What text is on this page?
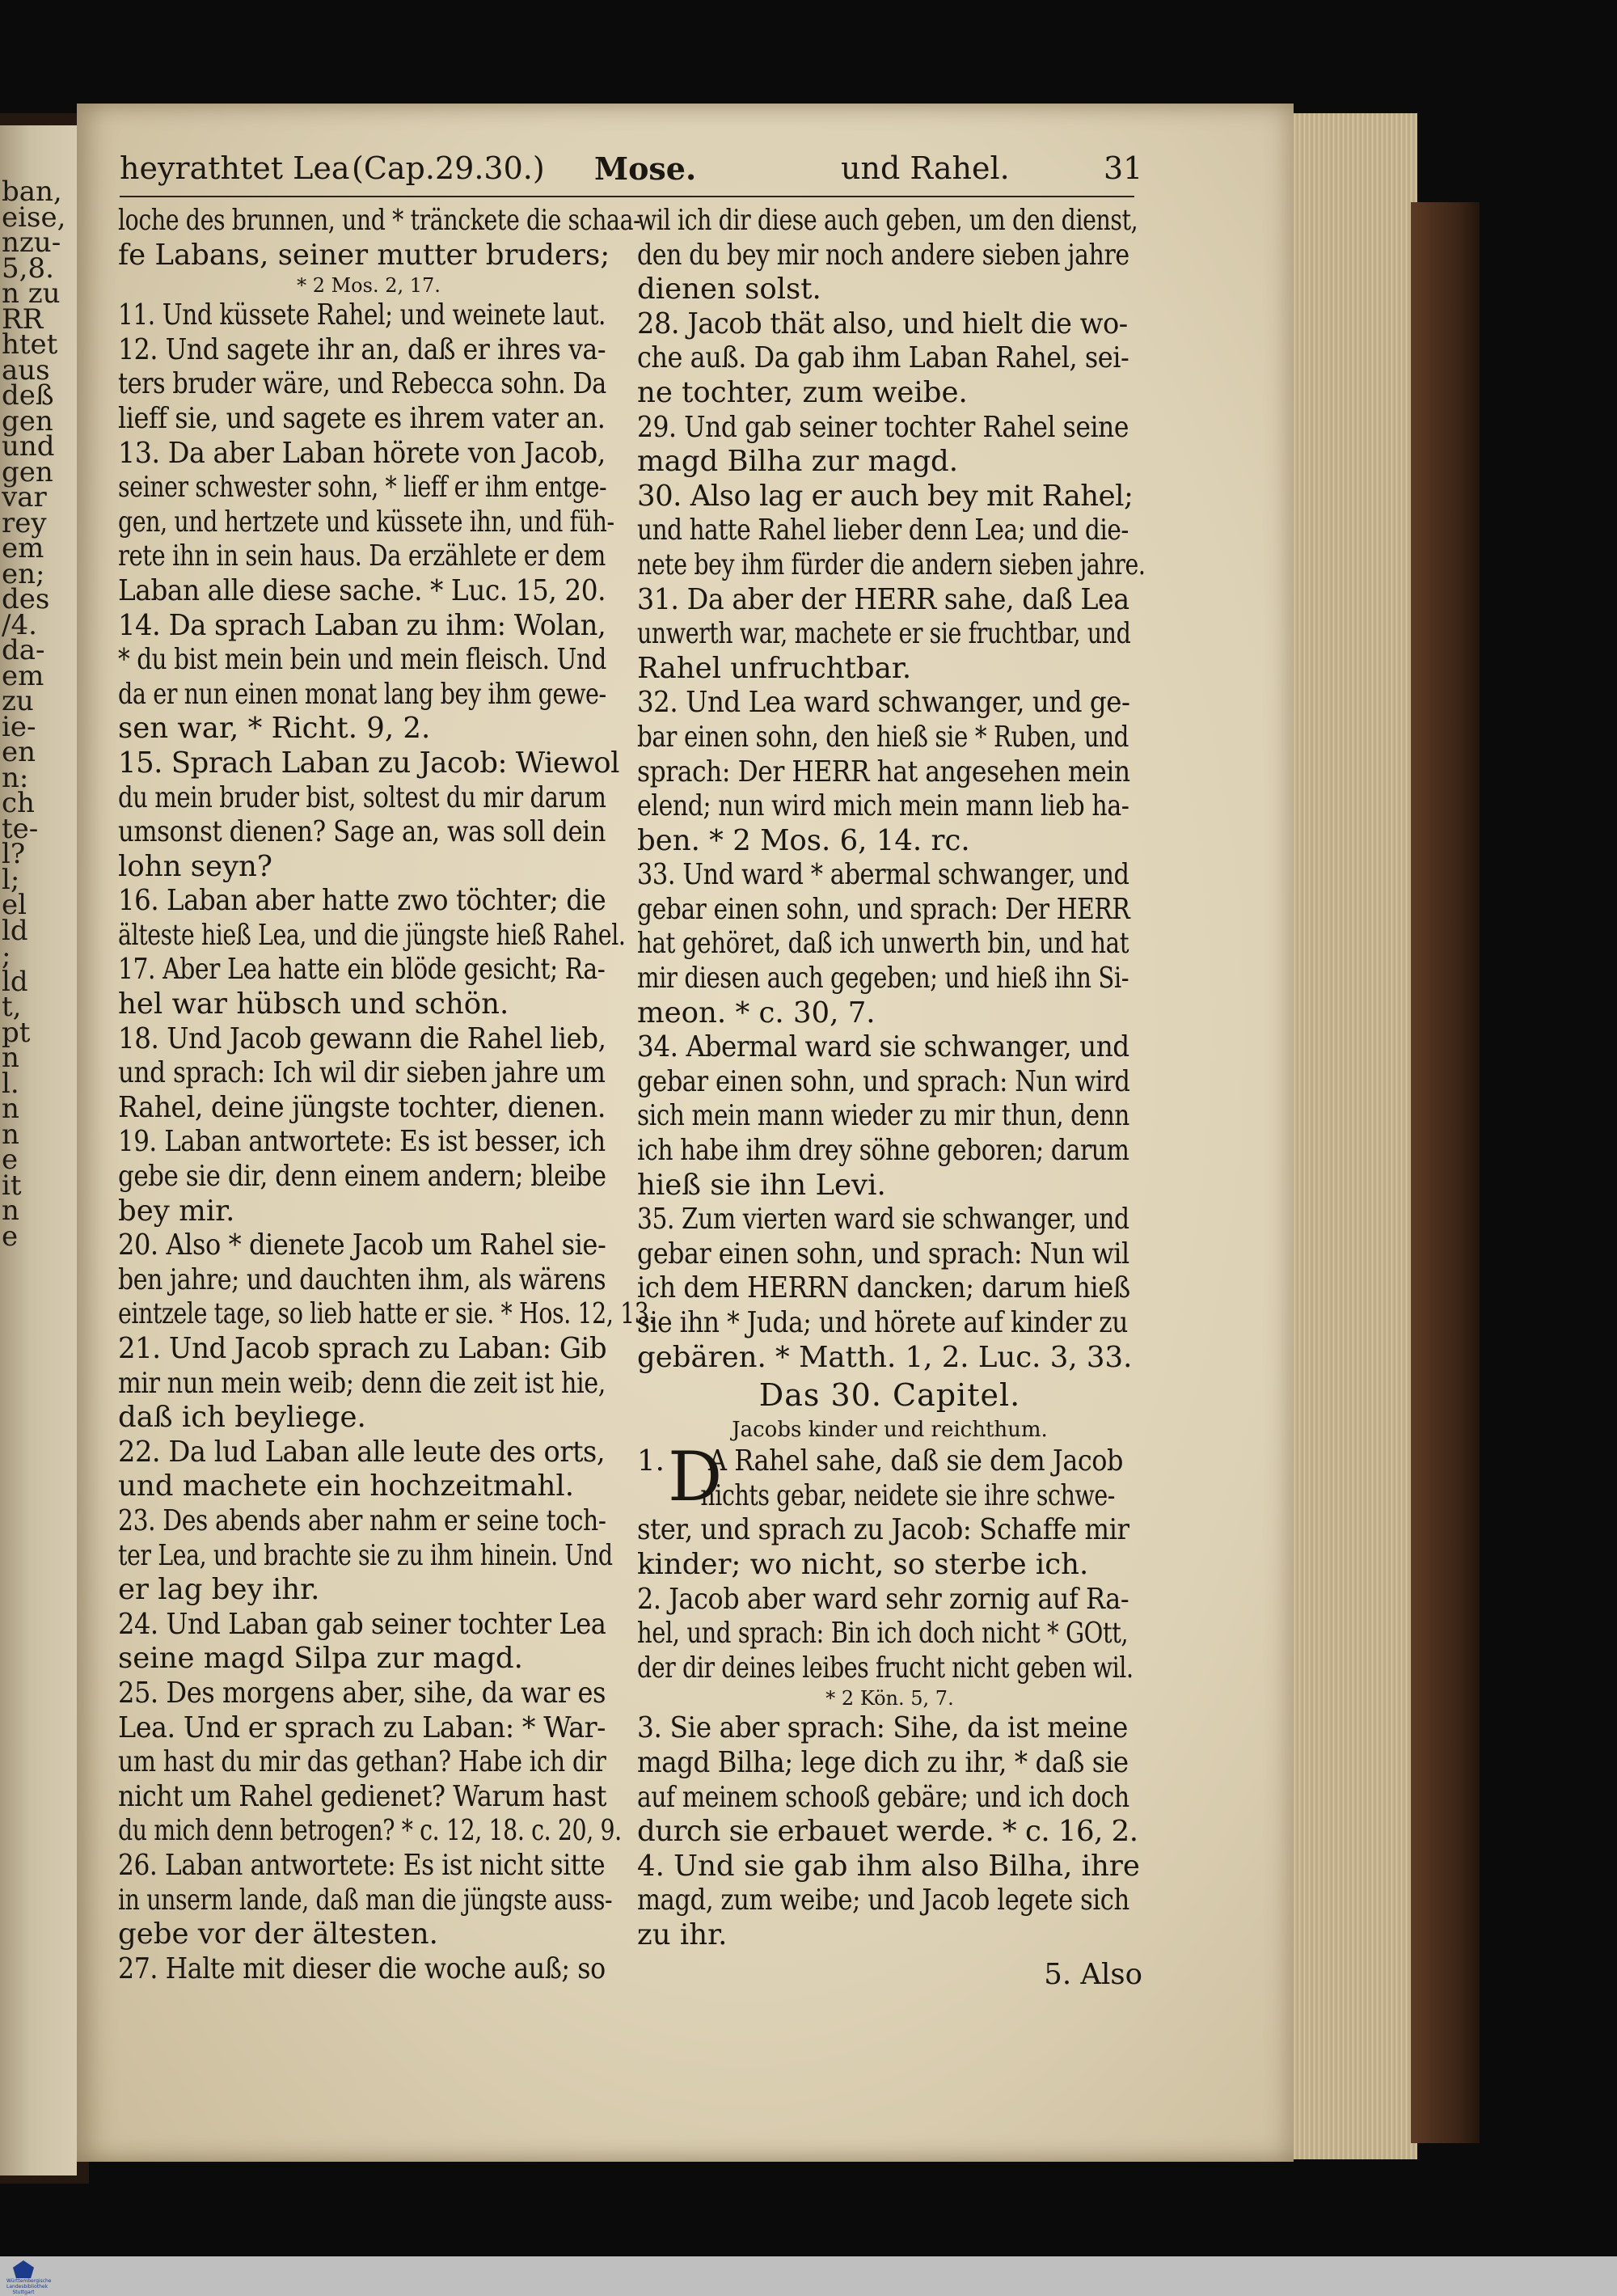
ban,
eise,
nzu-
5,8.
n zu
RR
htet
aus
deß
gen
und
gen
var
rey
em
en;
des
/4.
da-
em
zu
ie-
en
n:
ch
te-
l?
l;
el
ld
;
ld
t,
pt
n
l.
n
n
e
it
n
e
heyrathtet Lea (Cap.29.30.) Mose.	und Rahel.	31
loche des brunnen, und * tränckete die schaa-
fe Labans, seiner mutter bruders;
* 2 Mos. 2, 17.
11. Und küssete Rahel; und weinete laut.
12. Und sagete ihr an, daß er ihres va-
ters bruder wäre, und Rebecca sohn. Da
lieff sie, und sagete es ihrem vater an.
13. Da aber Laban hörete von Jacob,
seiner schwester sohn, * lieff er ihm entge-
gen, und hertzete und küssete ihn, und füh-
rete ihn in sein haus. Da erzählete er dem
Laban alle diese sache. * Luc. 15, 20.
14. Da sprach Laban zu ihm: Wolan,
* du bist mein bein und mein fleisch. Und
da er nun einen monat lang bey ihm gewe-
sen war, * Richt. 9, 2.
15. Sprach Laban zu Jacob: Wiewol
du mein bruder bist, soltest du mir darum
umsonst dienen? Sage an, was soll dein
lohn seyn?
16. Laban aber hatte zwo töchter; die
älteste hieß Lea, und die jüngste hieß Rahel.
17. Aber Lea hatte ein blöde gesicht; Ra-
hel war hübsch und schön.
18. Und Jacob gewann die Rahel lieb,
und sprach: Ich wil dir sieben jahre um
Rahel, deine jüngste tochter, dienen.
19. Laban antwortete: Es ist besser, ich
gebe sie dir, denn einem andern; bleibe
bey mir.
20. Also * dienete Jacob um Rahel sie-
ben jahre; und dauchten ihm, als wärens
eintzele tage, so lieb hatte er sie. * Hos. 12, 13.
21. Und Jacob sprach zu Laban: Gib
mir nun mein weib; denn die zeit ist hie,
daß ich beyliege.
22. Da lud Laban alle leute des orts,
und machete ein hochzeitmahl.
23. Des abends aber nahm er seine toch-
ter Lea, und brachte sie zu ihm hinein. Und
er lag bey ihr.
24. Und Laban gab seiner tochter Lea
seine magd Silpa zur magd.
25. Des morgens aber, sihe, da war es
Lea. Und er sprach zu Laban: * War-
um hast du mir das gethan? Habe ich dir
nicht um Rahel gedienet? Warum hast
du mich denn betrogen? * c. 12, 18. c. 20, 9.
26. Laban antwortete: Es ist nicht sitte
in unserm lande, daß man die jüngste auss-
gebe vor der ältesten.
27. Halte mit dieser die woche auß; so
wil ich dir diese auch geben, um den dienst,
den du bey mir noch andere sieben jahre
dienen solst.
28. Jacob thät also, und hielt die wo-
che auß. Da gab ihm Laban Rahel, sei-
ne tochter, zum weibe.
29. Und gab seiner tochter Rahel seine
magd Bilha zur magd.
30. Also lag er auch bey mit Rahel;
und hatte Rahel lieber denn Lea; und die-
nete bey ihm fürder die andern sieben jahre.
31. Da aber der HERR sahe, daß Lea
unwerth war, machete er sie fruchtbar, und
Rahel unfruchtbar.
32. Und Lea ward schwanger, und ge-
bar einen sohn, den hieß sie * Ruben, und
sprach: Der HERR hat angesehen mein
elend; nun wird mich mein mann lieb ha-
ben. * 2 Mos. 6, 14. rc.
33. Und ward * abermal schwanger, und
gebar einen sohn, und sprach: Der HERR
hat gehöret, daß ich unwerth bin, und hat
mir diesen auch gegeben; und hieß ihn Si-
meon. * c. 30, 7.
34. Abermal ward sie schwanger, und
gebar einen sohn, und sprach: Nun wird
sich mein mann wieder zu mir thun, denn
ich habe ihm drey söhne geboren; darum
hieß sie ihn Levi.
35. Zum vierten ward sie schwanger, und
gebar einen sohn, und sprach: Nun wil
ich dem HERRN dancken; darum hieß
sie ihn * Juda; und hörete auf kinder zu
gebären. * Matth. 1, 2. Luc. 3, 33.
Das 30. Capitel.
Jacobs kinder und reichthum.
1. D
A Rahel sahe, daß sie dem Jacob
nichts gebar, neidete sie ihre schwe-
ster, und sprach zu Jacob: Schaffe mir
kinder; wo nicht, so sterbe ich.
2. Jacob aber ward sehr zornig auf Ra-
hel, und sprach: Bin ich doch nicht * GOtt,
der dir deines leibes frucht nicht geben wil.
* 2 Kön. 5, 7.
3. Sie aber sprach: Sihe, da ist meine
magd Bilha; lege dich zu ihr, * daß sie
auf meinem schooß gebäre; und ich doch
durch sie erbauet werde. * c. 16, 2.
4. Und sie gab ihm also Bilha, ihre
magd, zum weibe; und Jacob legete sich
zu ihr.
5. Also
Württembergische Landesbibliothek Stuttgart
